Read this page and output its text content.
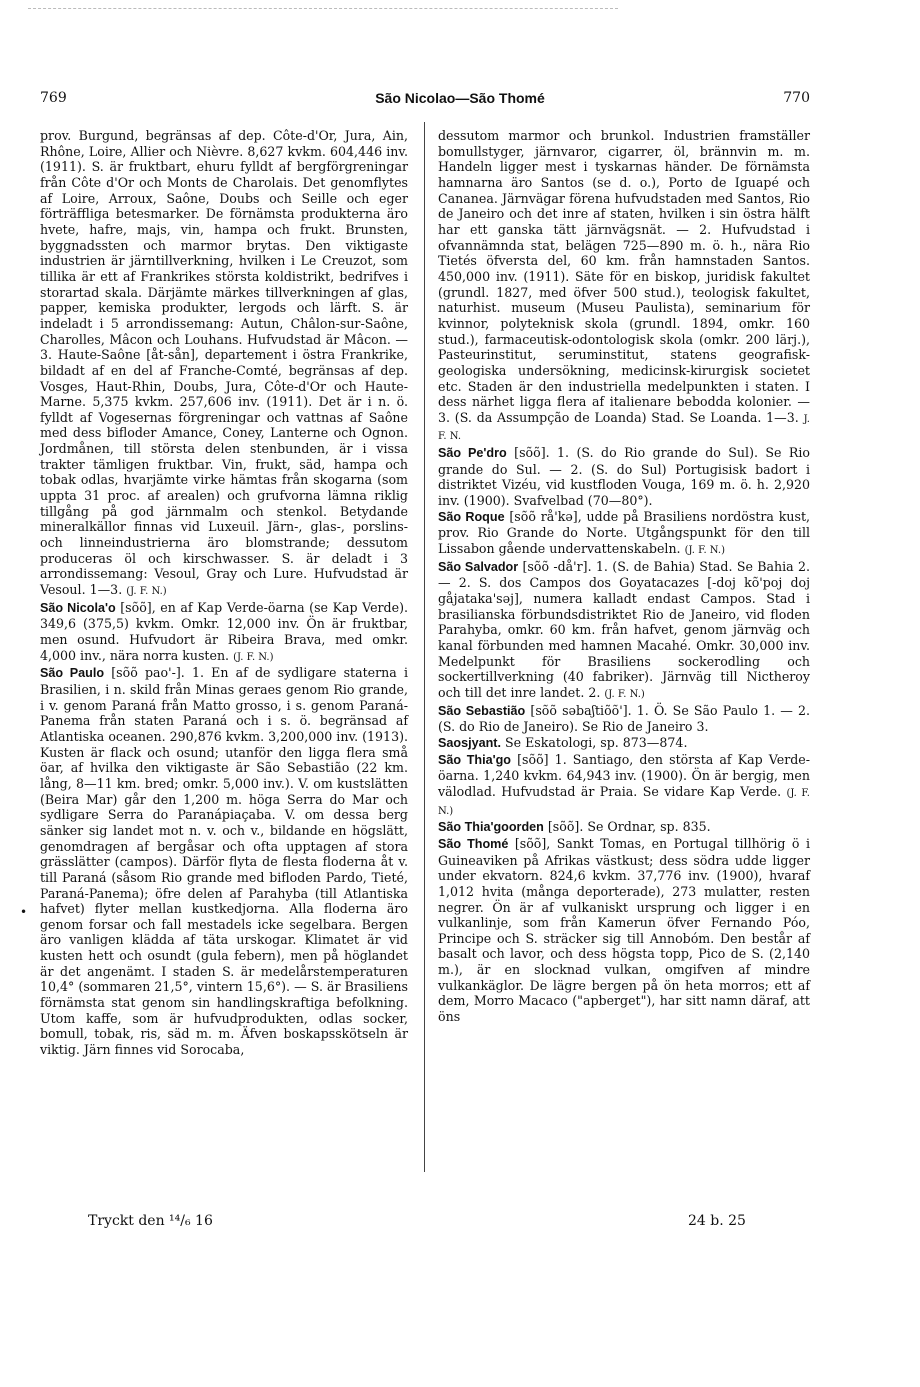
769	São Nicolao—São Thomé	770

prov. Burgund, begränsas af dep. Côte-d'Or, Jura, Ain, Rhône, Loire, Allier och Nièvre. 8,627 kvkm. 604,446 inv. (1911). S. är fruktbart, ehuru fylldt af bergförgreningar från Côte d'Or och Monts de Charolais. Det genomflytes af Loire, Arroux, Saône, Doubs och Seille och eger förträffliga betesmarker. De förnämsta produkterna äro hvete, hafre, majs, vin, hampa och frukt. Brunsten, byggnadssten och marmor brytas. Den viktigaste industrien är järntillverkning, hvilken i Le Creuzot, som tillika är ett af Frankrikes största koldistrikt, bedrifves i storartad skala. Därjämte märkes tillverkningen af glas, papper, kemiska produkter, lergods och lärft. S. är indeladt i 5 arrondissemang: Autun, Châlon-sur-Saône, Charolles, Mâcon och Louhans. Hufvudstad är Mâcon. — 3. Haute-Saône [åt-sån], departement i östra Frankrike, bildadt af en del af Franche-Comté, begränsas af dep. Vosges, Haut-Rhin, Doubs, Jura, Côte-d'Or och Haute-Marne. 5,375 kvkm. 257,606 inv. (1911). Det är i n. ö. fylldt af Vogesernas förgreningar och vattnas af Saône med dess bifloder Amance, Coney, Lanterne och Ognon. Jordmånen, till största delen stenbunden, är i vissa trakter tämligen fruktbar. Vin, frukt, säd, hampa och tobak odlas, hvarjämte virke hämtas från skogarna (som uppta 31 proc. af arealen) och grufvorna lämna riklig tillgång på god järnmalm och stenkol. Betydande mineralkällor finnas vid Luxeuil. Järn-, glas-, porslins- och linneindustrierna äro blomstrande; dessutom produceras öl och kirschwasser. S. är deladt i 3 arrondissemang: Vesoul, Gray och Lure. Hufvudstad är Vesoul. 1—3. (J. F. N.)

São Nicola'o [sõõ], en af Kap Verde-öarna (se Kap Verde). 349,6 (375,5) kvkm. Omkr. 12,000 inv. Ön är fruktbar, men osund. Hufvudort är Ribeira Brava, med omkr. 4,000 inv., nära norra kusten. (J. F. N.)

São Paulo [sõõ pao'-]. 1. En af de sydligare staterna i Brasilien, i n. skild från Minas geraes genom Rio grande, i v. genom Paraná från Matto grosso, i s. genom Paraná-Panema från staten Paraná och i s. ö. begränsad af Atlantiska oceanen. 290,876 kvkm. 3,200,000 inv. (1913). Kusten är flack och osund; utanför den ligga flera små öar, af hvilka den viktigaste är São Sebastião (22 km. lång, 8—11 km. bred; omkr. 5,000 inv.). V. om kustslätten (Beira Mar) går den 1,200 m. höga Serra do Mar och sydligare Serra do Paranápiaçaba. V. om dessa berg sänker sig landet mot n. v. och v., bildande en högslätt, genomdragen af bergåsar och ofta upptagen af stora grässlätter (campos). Därför flyta de flesta floderna åt v. till Paraná (såsom Rio grande med bifloden Pardo, Tieté, Paraná-Panema); öfre delen af Parahyba (till Atlantiska hafvet) flyter mellan kustkedjorna. Alla floderna äro genom forsar och fall mestadels icke segelbara. Bergen äro vanligen klädda af täta urskogar. Klimatet är vid kusten hett och osundt (gula febern), men på höglandet är det angenämt. I staden S. är medelårstemperaturen 10,4° (sommaren 21,5°, vintern 15,6°). — S. är Brasiliens förnämsta stat genom sin handlingskraftiga befolkning. Utom kaffe, som är hufvudprodukten, odlas socker, bomull, tobak, ris, säd m. m. Äfven boskapsskötseln är viktig. Järn finnes vid Sorocaba,

dessutom marmor och brunkol. Industrien framställer bomullstyger, järnvaror, cigarrer, öl, brännvin m. m. Handeln ligger mest i tyskarnas händer. De förnämsta hamnarna äro Santos (se d. o.), Porto de Iguapé och Cananea. Järnvägar förena hufvudstaden med Santos, Rio de Janeiro och det inre af staten, hvilken i sin östra hälft har ett ganska tätt järnvägsnät. — 2. Hufvudstad i ofvannämnda stat, belägen 725—890 m. ö. h., nära Rio Tietés öfversta del, 60 km. från hamnstaden Santos. 450,000 inv. (1911). Säte för en biskop, juridisk fakultet (grundl. 1827, med öfver 500 stud.), teologisk fakultet, naturhist. museum (Museu Paulista), seminarium för kvinnor, polyteknisk skola (grundl. 1894, omkr. 160 stud.), farmaceutisk-odontologisk skola (omkr. 200 lärj.), Pasteurinstitut, seruminstitut, statens geografisk-geologiska undersökning, medicinsk-kirurgisk societet etc. Staden är den industriella medelpunkten i staten. I dess närhet ligga flera af italienare bebodda kolonier. — 3. (S. da Assumpção de Loanda) Stad. Se Loanda. 1—3. J. F. N.

São Pe'dro [sõõ]. 1. (S. do Rio grande do Sul). Se Rio grande do Sul. — 2. (S. do Sul) Portugisisk badort i distriktet Vizéu, vid kustfloden Vouga, 169 m. ö. h. 2,920 inv. (1900). Svafvelbad (70—80°).

São Roque [sõõ rå'kə], udde på Brasiliens nordöstra kust, prov. Rio Grande do Norte. Utgångspunkt för den till Lissabon gående undervattenskabeln. (J. F. N.)

São Salvador [sõõ -då'r]. 1. (S. de Bahia) Stad. Se Bahia 2. — 2. S. dos Campos dos Goyatacazes [-doj kõ'poj doj gåjataka'səj], numera kalladt endast Campos. Stad i brasilianska förbundsdistriktet Rio de Janeiro, vid floden Parahyba, omkr. 60 km. från hafvet, genom järnväg och kanal förbunden med hamnen Macahé. Omkr. 30,000 inv. Medelpunkt för Brasiliens sockerodling och sockertillverkning (40 fabriker). Järnväg till Nictheroy och till det inre landet. 2. (J. F. N.)

São Sebastião [sõõ səbaʃtiõõ']. 1. Ö. Se São Paulo 1. — 2. (S. do Rio de Janeiro). Se Rio de Janeiro 3.

Saosjyant. Se Eskatologi, sp. 873—874.

São Thia'go [sõõ] 1. Santiago, den största af Kap Verde-öarna. 1,240 kvkm. 64,943 inv. (1900). Ön är bergig, men välodlad. Hufvudstad är Praia. Se vidare Kap Verde. (J. F. N.)

São Thia'goorden [sõõ]. Se Ordnar, sp. 835.

São Thomé [sõõ], Sankt Tomas, en Portugal tillhörig ö i Guineaviken på Afrikas västkust; dess södra udde ligger under ekvatorn. 824,6 kvkm. 37,776 inv. (1900), hvaraf 1,012 hvita (många deporterade), 273 mulatter, resten negrer. Ön är af vulkaniskt ursprung och ligger i en vulkanlinje, som från Kamerun öfver Fernando Póo, Principe och S. sträcker sig till Annobóm. Den består af basalt och lavor, och dess högsta topp, Pico de S. (2,140 m.), är en slocknad vulkan, omgifven af mindre vulkankäglor. De lägre bergen på ön heta morros; ett af dem, Morro Macaco ("apberget"), har sitt namn däraf, att öns

•
Tryckt den ¹⁴/₆ 16	24 b. 25
